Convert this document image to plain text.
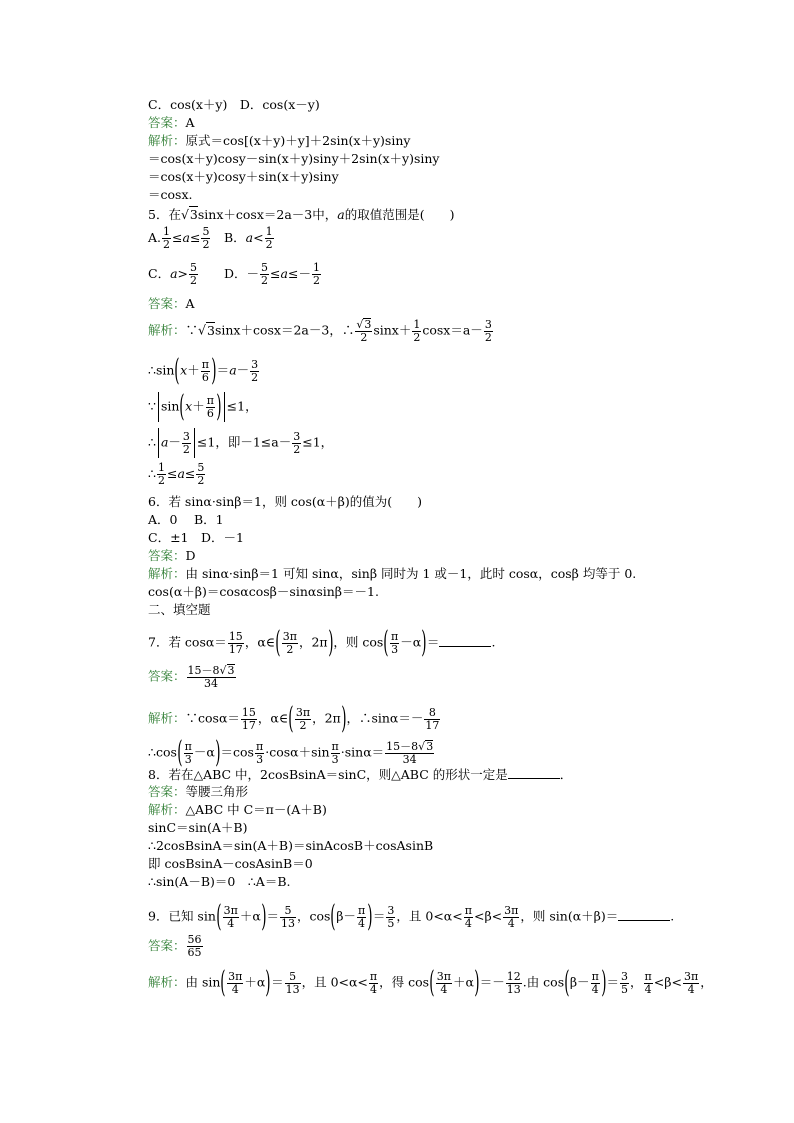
C．cos(x＋y)　D．cos(x－y)
答案：A
解析：原式＝cos[(x＋y)＋y]＋2sin(x＋y)siny
＝cos(x＋y)cosy－sin(x＋y)siny＋2sin(x＋y)siny
＝cos(x＋y)cosy＋sin(x＋y)siny
＝cosx.
5．在√3sinx＋cosx＝2a－3中，a的取值范围是(　　)
A. $\frac{1}{2} \le a\le \frac{5}{2}$ 　B．$a< \frac{1}{2}$
C．$a> \frac{5}{2}$ 　　D．－ $\frac{5}{2} \le a\le- \frac{1}{2}$
答案：A
解析：∵√3sinx＋cosx＝2a－3，∴ $\frac{√3}{2} \sin x+ \frac{1}{2} \cos x=a- \frac{3}{2}$
∴sin(x＋ $\frac{\pi}{6} )=a- \frac{3}{2}$
∵ $\sin(x+ \frac{\pi}{6}$ ) ≤1，
∴ $a- \frac{3}{2} \le 1$，即$-1\le a- \frac{3}{2} \le 1$，
∴ $\frac{1}{2} \le a\le \frac{5}{2}$
6．若 sinα·sinβ＝1，则 cos(α＋β)的值为(　　)
A．0　 B．1
C．±1　D．－1
答案：D
解析：由 sinα·sinβ＝1 可知 sinα，sinβ 同时为 1 或－1，此时 cosα，cosβ 均等于 0.
cos(α＋β)＝cosαcosβ－sinαsinβ＝－1.
二、填空题
7．若 $\cos\alpha= \frac{15}{17}$ ，α∈( $\frac{3\pi}{2}$ ，2π)，则 $\cos( \frac{\pi}{3} -\alpha)=$	.
答案： $\frac{15-8√3}{34}$
解析：∵cosα＝ $\frac{15}{17}$ ，α∈( $\frac{3\pi}{2}$ ，2π)，∴sinα＝－ $\frac{8}{17}$
∴cos( $\frac{\pi}{3} -\alpha)=\cos \frac{\pi}{3} \cdot\cos\alpha+\sin \frac{\pi}{3} \cdot\sin\alpha= \frac{15-8√3}{34}$
8．若在△ABC 中，2cosBsinA＝sinC，则△ABC 的形状一定是	．
答案：等腰三角形
解析：△ABC 中 C＝π－(A＋B)
sinC＝sin(A＋B)
∴2cosBsinA＝sin(A＋B)＝sinAcosB＋cosAsinB
即 cosBsinA－cosAsinB＝0
∴sin(A－B)＝0　∴A＝B.
9．已知 $\sin( \frac{3\pi}{4} +\alpha)= \frac{5}{13}$ ，$\cos(\beta- \frac{\pi}{4}$ )＝ $\frac{3}{5}$ ，且 $0<\alpha< \frac{\pi}{4} <\beta< \frac{3\pi}{4}$ ，则 sin(α＋β)＝	.
答案： $\frac{56}{65}$
解析：由 $\sin( \frac{3\pi}{4} +\alpha)= \frac{5}{13}$ ，且 $0<\alpha< \frac{\pi}{4}$ ，得 $\cos( \frac{3\pi}{4} +\alpha)=- \frac{12}{13}$ .由 $\cos(\beta- \frac{\pi}{4}$ )＝ $\frac{3}{5}$ ， $\frac{\pi}{4} <\beta< \frac{3\pi}{4}$ ，
